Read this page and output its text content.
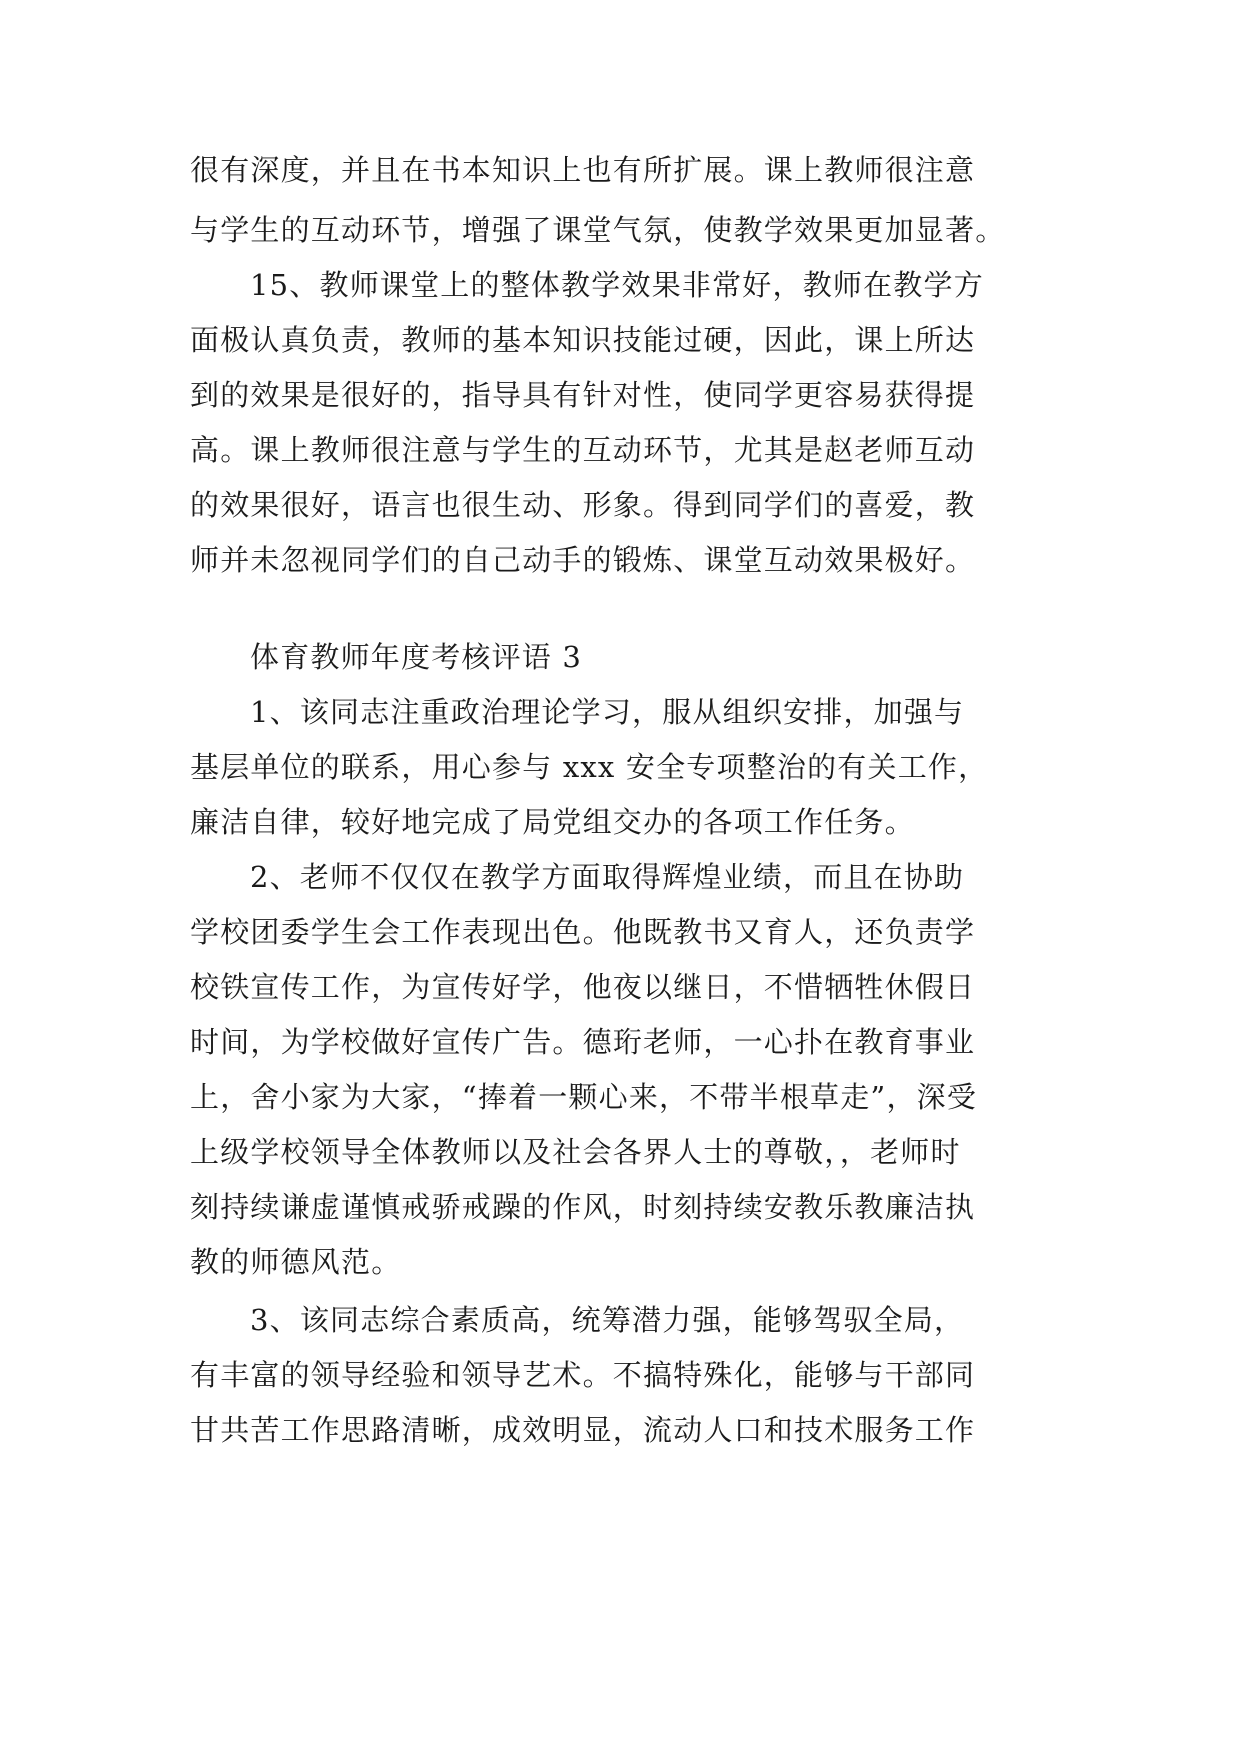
很有深度，并且在书本知识上也有所扩展。课上教师很注意
与学生的互动环节，增强了课堂气氛，使教学效果更加显著。
15、教师课堂上的整体教学效果非常好，教师在教学方
面极认真负责，教师的基本知识技能过硬，因此，课上所达
到的效果是很好的，指导具有针对性，使同学更容易获得提
高。课上教师很注意与学生的互动环节，尤其是赵老师互动
的效果很好，语言也很生动、形象。得到同学们的喜爱，教
师并未忽视同学们的自己动手的锻炼、课堂互动效果极好。
体育教师年度考核评语 3
1、该同志注重政治理论学习，服从组织安排，加强与
基层单位的联系，用心参与 xxx 安全专项整治的有关工作，
廉洁自律，较好地完成了局党组交办的各项工作任务。
2、老师不仅仅在教学方面取得辉煌业绩，而且在协助
学校团委学生会工作表现出色。他既教书又育人，还负责学
校铁宣传工作，为宣传好学，他夜以继日，不惜牺牲休假日
时间，为学校做好宣传广告。德珩老师，一心扑在教育事业
上，舍小家为大家，“捧着一颗心来，不带半根草走”，深受
上级学校领导全体教师以及社会各界人士的尊敬，，老师时
刻持续谦虚谨慎戒骄戒躁的作风，时刻持续安教乐教廉洁执
教的师德风范。
3、该同志综合素质高，统筹潜力强，能够驾驭全局，
有丰富的领导经验和领导艺术。不搞特殊化，能够与干部同
甘共苦工作思路清晰，成效明显，流动人口和技术服务工作
